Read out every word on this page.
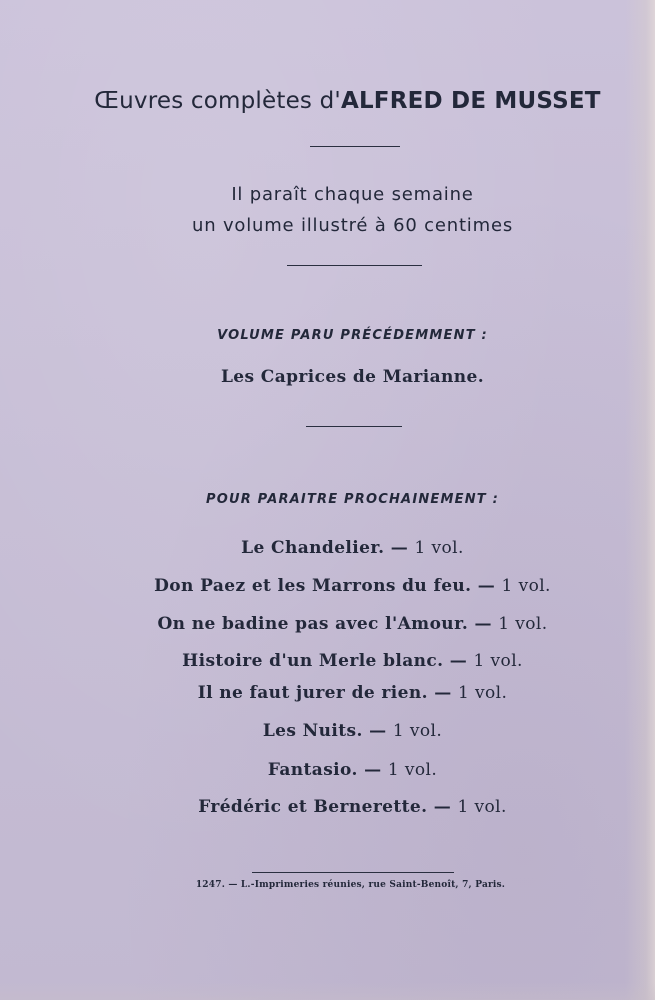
Œuvres complètes d'ALFRED DE MUSSET
Il paraît chaque semaine
un volume illustré à 60 centimes
VOLUME PARU PRÉCÉDEMMENT :
Les Caprices de Marianne.
POUR PARAITRE PROCHAINEMENT :
Le Chandelier. — 1 vol.
Don Paez et les Marrons du feu. — 1 vol.
On ne badine pas avec l'Amour. — 1 vol.
Histoire d'un Merle blanc. — 1 vol.
Il ne faut jurer de rien. — 1 vol.
Les Nuits. — 1 vol.
Fantasio. — 1 vol.
Frédéric et Bernerette. — 1 vol.
1247. — L.-Imprimeries réunies, rue Saint-Benoît, 7, Paris.
